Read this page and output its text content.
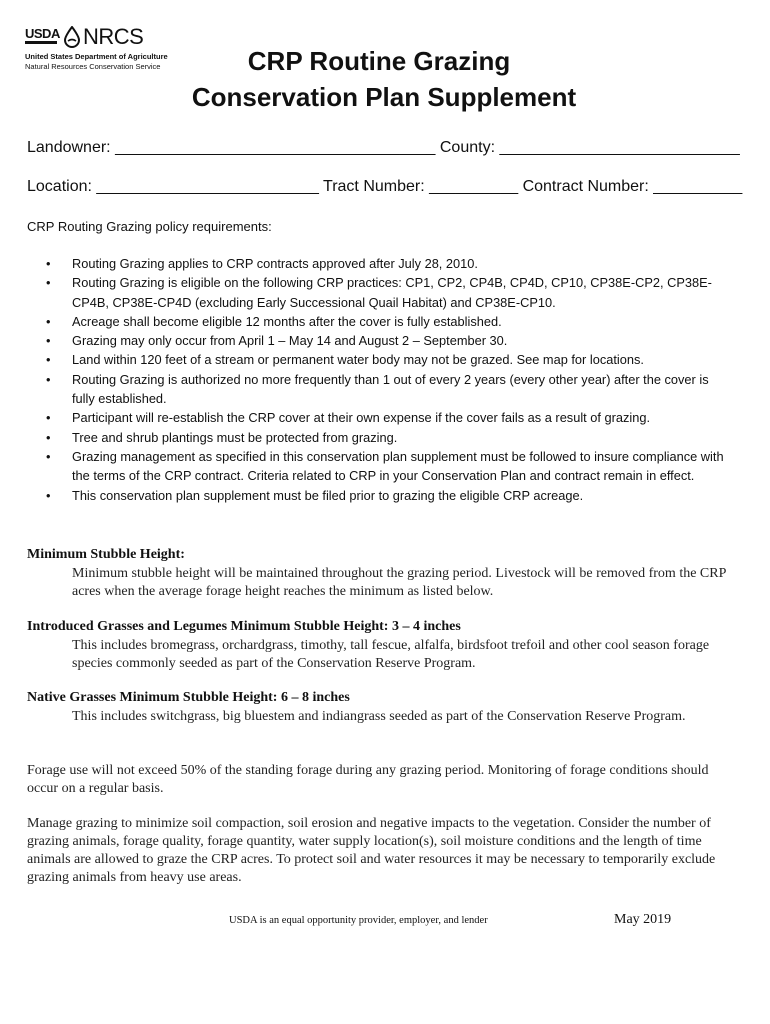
USDA NRCS
United States Department of Agriculture
Natural Resources Conservation Service	CRP Routine Grazing
Conservation Plan Supplement
Landowner: ____________________________________ County: ___________________________
Location: _________________________ Tract Number: __________ Contract Number: __________
CRP Routing Grazing policy requirements:
• Routing Grazing applies to CRP contracts approved after July 28, 2010.
• Routing Grazing is eligible on the following CRP practices: CP1, CP2, CP4B, CP4D, CP10, CP38E-CP2, CP38E-CP4B, CP38E-CP4D (excluding Early Successional Quail Habitat) and CP38E-CP10.
• Acreage shall become eligible 12 months after the cover is fully established.
• Grazing may only occur from April 1 – May 14 and August 2 – September 30.
• Land within 120 feet of a stream or permanent water body may not be grazed. See map for locations.
• Routing Grazing is authorized no more frequently than 1 out of every 2 years (every other year) after the cover is fully established.
• Participant will re-establish the CRP cover at their own expense if the cover fails as a result of grazing.
• Tree and shrub plantings must be protected from grazing.
• Grazing management as specified in this conservation plan supplement must be followed to insure compliance with the terms of the CRP contract. Criteria related to CRP in your Conservation Plan and contract remain in effect.
• This conservation plan supplement must be filed prior to grazing the eligible CRP acreage.
Minimum Stubble Height:
Minimum stubble height will be maintained throughout the grazing period. Livestock will be removed from the CRP acres when the average forage height reaches the minimum as listed below.
Introduced Grasses and Legumes Minimum Stubble Height: 3 – 4 inches
This includes bromegrass, orchardgrass, timothy, tall fescue, alfalfa, birdsfoot trefoil and other cool season forage species commonly seeded as part of the Conservation Reserve Program.
Native Grasses Minimum Stubble Height: 6 – 8 inches
This includes switchgrass, big bluestem and indiangrass seeded as part of the Conservation Reserve Program.
Forage use will not exceed 50% of the standing forage during any grazing period. Monitoring of forage conditions should occur on a regular basis.
Manage grazing to minimize soil compaction, soil erosion and negative impacts to the vegetation. Consider the number of grazing animals, forage quality, forage quantity, water supply location(s), soil moisture conditions and the length of time animals are allowed to graze the CRP acres. To protect soil and water resources it may be necessary to temporarily exclude grazing animals from heavy use areas.
USDA is an equal opportunity provider, employer, and lender	May 2019
